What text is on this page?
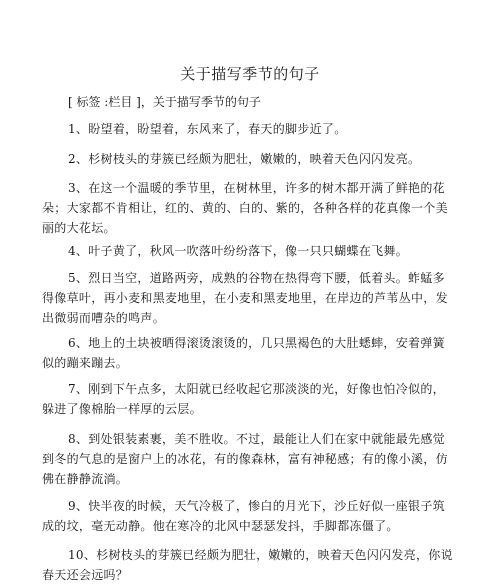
关于描写季节的句子
[ 标签 :栏目 ]，关于描写季节的句子

1、盼望着，盼望着，东风来了，春天的脚步近了。

2、杉树枝头的芽簇已经颇为肥壮，嫩嫩的，映着天色闪闪发亮。

3、在这一个温暖的季节里，在树林里，许多的树木都开满了鲜艳的花朵；大家都不肯相让，红的、黄的、白的、紫的，各种各样的花真像一个美丽的大花坛。

4、叶子黄了，秋风一吹落叶纷纷落下，像一只只蝴蝶在飞舞。

5、烈日当空，道路两旁，成熟的谷物在热得弯下腰，低着头。蚱蜢多得像草叶，再小麦和黑麦地里，在小麦和黑麦地里，在岸边的芦苇丛中，发出微弱而嘈杂的鸣声。

6、地上的土块被晒得滚烫滚烫的，几只黑褐色的大肚蟋蟀，安着弹簧似的蹦来蹦去。

7、刚到下午点多，太阳就已经收起它那淡淡的光，好像也怕冷似的，躲进了像棉胎一样厚的云层。

8、到处银装素裹，美不胜收。不过，最能让人们在家中就能最先感觉到冬的气息的是窗户上的冰花，有的像森林，富有神秘感；有的像小溪，仿佛在静静流淌。

9、快半夜的时候，天气冷极了，惨白的月光下，沙丘好似一座银子筑成的坟，毫无动静。他在寒冷的北风中瑟瑟发抖，手脚都冻僵了。

10、杉树枝头的芽簇已经颇为肥壮，嫩嫩的，映着天色闪闪发亮，你说春天还会远吗？
